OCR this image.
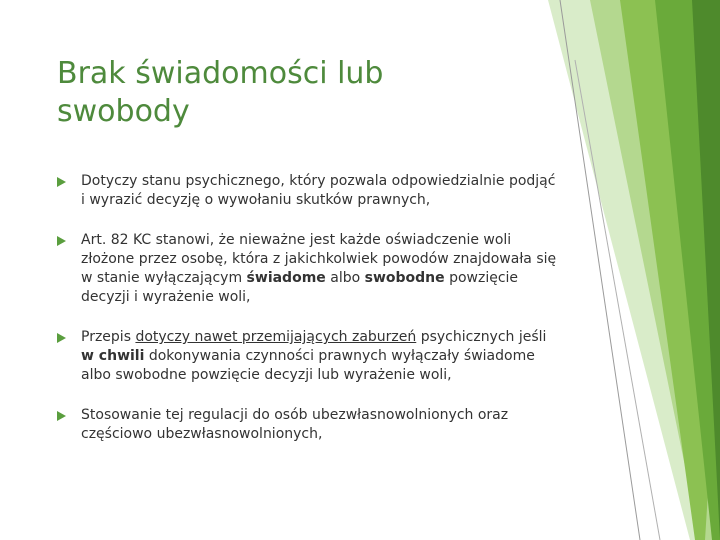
Brak świadomości lub swobody
Dotyczy stanu psychicznego, który pozwala odpowiedzialnie podjąć i wyrazić decyzję o wywołaniu skutków prawnych,
Art. 82 KC stanowi, że nieważne jest każde oświadczenie woli złożone przez osobę, która z jakichkolwiek powodów znajdowała się w stanie wyłączającym świadome albo swobodne powzięcie decyzji i wyrażenie woli,
Przepis dotyczy nawet przemijających zaburzeń psychicznych jeśli w chwili dokonywania czynności prawnych wyłączały świadome albo swobodne powzięcie decyzji lub wyrażenie woli,
Stosowanie tej regulacji do osób ubezwłasnowolnionych oraz częściowo ubezwłasnowolnionych,
